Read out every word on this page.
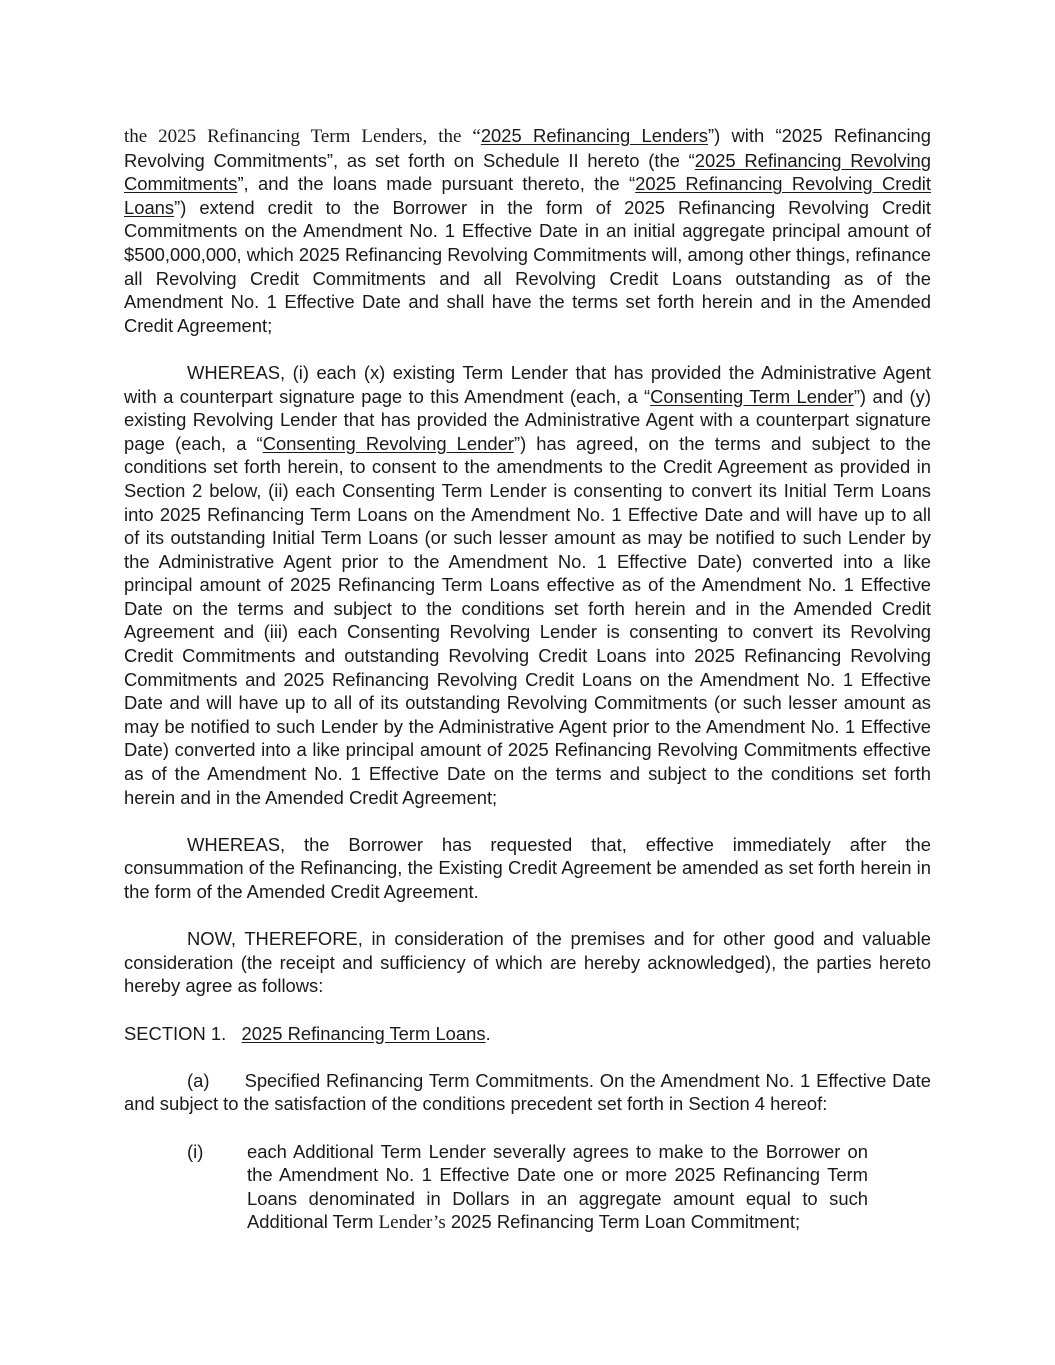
the 2025 Refinancing Term Lenders, the “2025 Refinancing Lenders”) with “2025 Refinancing Revolving Commitments”, as set forth on Schedule II hereto (the “2025 Refinancing Revolving Commitments”, and the loans made pursuant thereto, the “2025 Refinancing Revolving Credit Loans”) extend credit to the Borrower in the form of 2025 Refinancing Revolving Credit Commitments on the Amendment No. 1 Effective Date in an initial aggregate principal amount of $500,000,000, which 2025 Refinancing Revolving Commitments will, among other things, refinance all Revolving Credit Commitments and all Revolving Credit Loans outstanding as of the Amendment No. 1 Effective Date and shall have the terms set forth herein and in the Amended Credit Agreement;

WHEREAS, (i) each (x) existing Term Lender that has provided the Administrative Agent with a counterpart signature page to this Amendment (each, a “Consenting Term Lender”) and (y) existing Revolving Lender that has provided the Administrative Agent with a counterpart signature page (each, a “Consenting Revolving Lender”) has agreed, on the terms and subject to the conditions set forth herein, to consent to the amendments to the Credit Agreement as provided in Section 2 below, (ii) each Consenting Term Lender is consenting to convert its Initial Term Loans into 2025 Refinancing Term Loans on the Amendment No. 1 Effective Date and will have up to all of its outstanding Initial Term Loans (or such lesser amount as may be notified to such Lender by the Administrative Agent prior to the Amendment No. 1 Effective Date) converted into a like principal amount of 2025 Refinancing Term Loans effective as of the Amendment No. 1 Effective Date on the terms and subject to the conditions set forth herein and in the Amended Credit Agreement and (iii) each Consenting Revolving Lender is consenting to convert its Revolving Credit Commitments and outstanding Revolving Credit Loans into 2025 Refinancing Revolving Commitments and 2025 Refinancing Revolving Credit Loans on the Amendment No. 1 Effective Date and will have up to all of its outstanding Revolving Commitments (or such lesser amount as may be notified to such Lender by the Administrative Agent prior to the Amendment No. 1 Effective Date) converted into a like principal amount of 2025 Refinancing Revolving Commitments effective as of the Amendment No. 1 Effective Date on the terms and subject to the conditions set forth herein and in the Amended Credit Agreement;

WHEREAS, the Borrower has requested that, effective immediately after the consummation of the Refinancing, the Existing Credit Agreement be amended as set forth herein in the form of the Amended Credit Agreement.

NOW, THEREFORE, in consideration of the premises and for other good and valuable consideration (the receipt and sufficiency of which are hereby acknowledged), the parties hereto hereby agree as follows:

SECTION 1. 2025 Refinancing Term Loans.

(a) Specified Refinancing Term Commitments. On the Amendment No. 1 Effective Date and subject to the satisfaction of the conditions precedent set forth in Section 4 hereof:

(i)	each Additional Term Lender severally agrees to make to the Borrower on the Amendment No. 1 Effective Date one or more 2025 Refinancing Term Loans denominated in Dollars in an aggregate amount equal to such Additional Term Lender’s 2025 Refinancing Term Loan Commitment;
